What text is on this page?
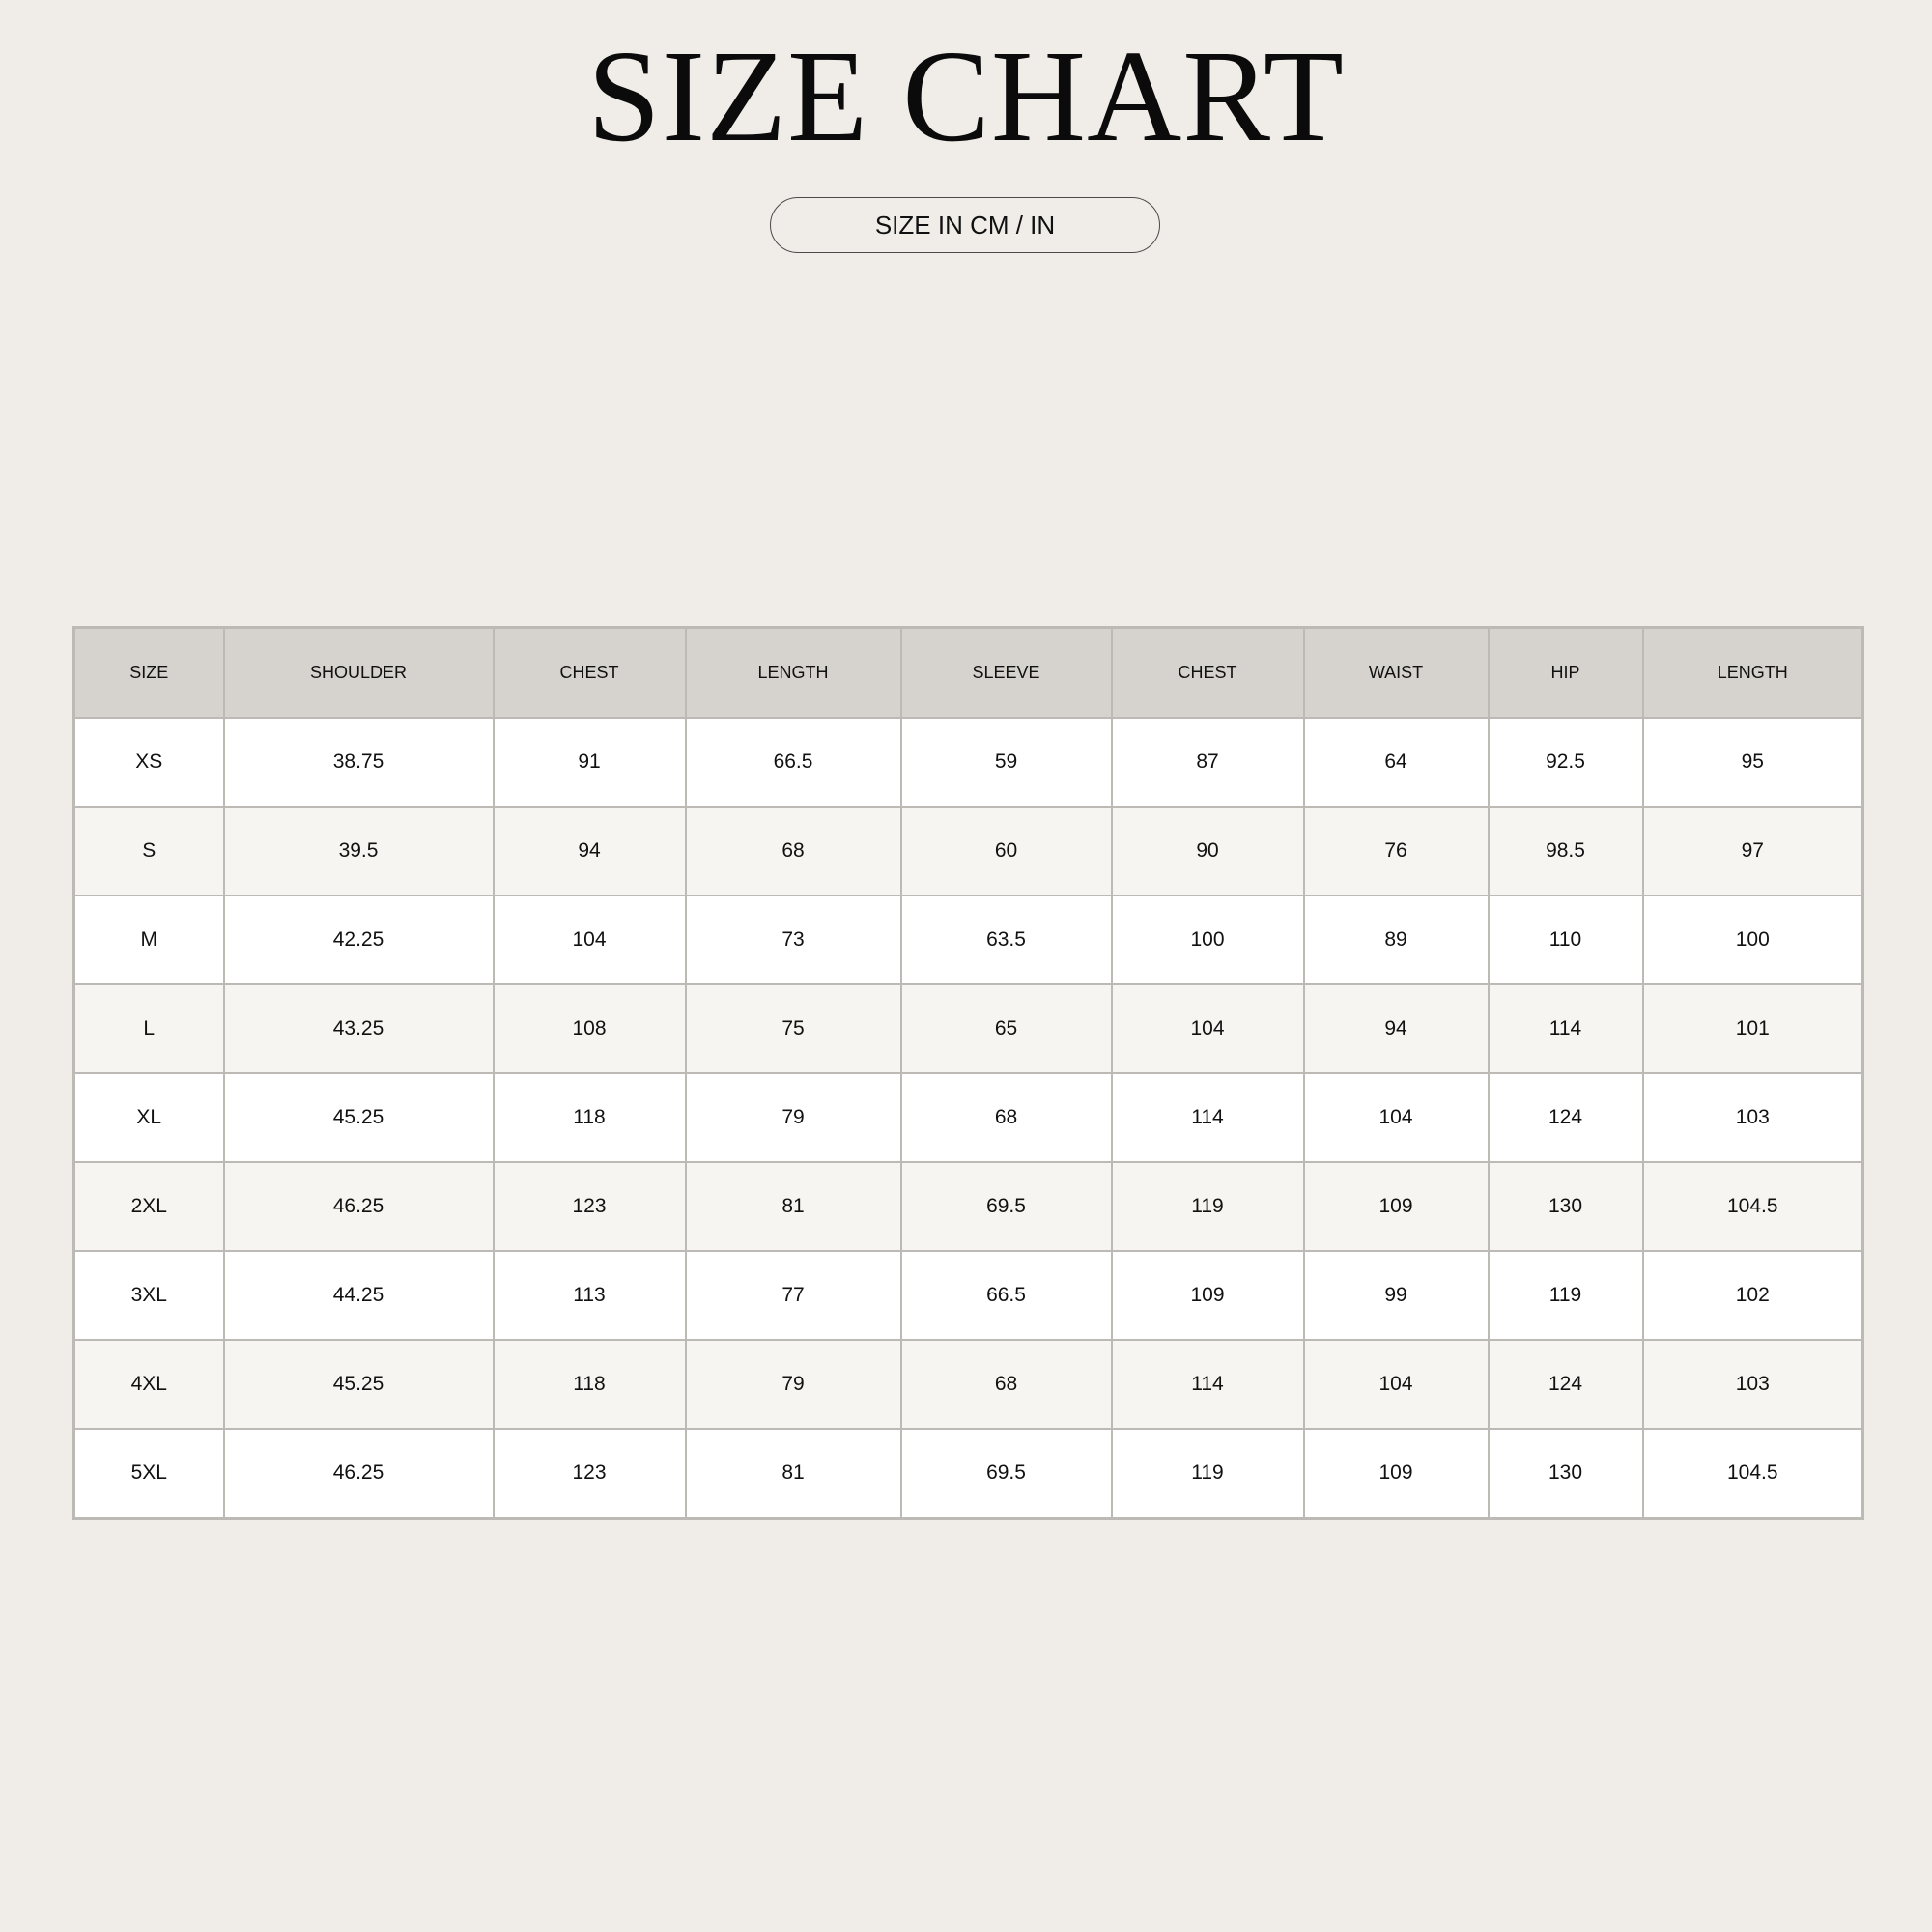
SIZE CHART
SIZE IN CM / IN
SIZE	SHOULDER	CHEST	LENGTH	SLEEVE	CHEST	WAIST	HIP	LENGTH
XS	38.75	91	66.5	59	87	64	92.5	95
S	39.5	94	68	60	90	76	98.5	97
M	42.25	104	73	63.5	100	89	110	100
L	43.25	108	75	65	104	94	114	101
XL	45.25	118	79	68	114	104	124	103
2XL	46.25	123	81	69.5	119	109	130	104.5
3XL	44.25	113	77	66.5	109	99	119	102
4XL	45.25	118	79	68	114	104	124	103
5XL	46.25	123	81	69.5	119	109	130	104.5
